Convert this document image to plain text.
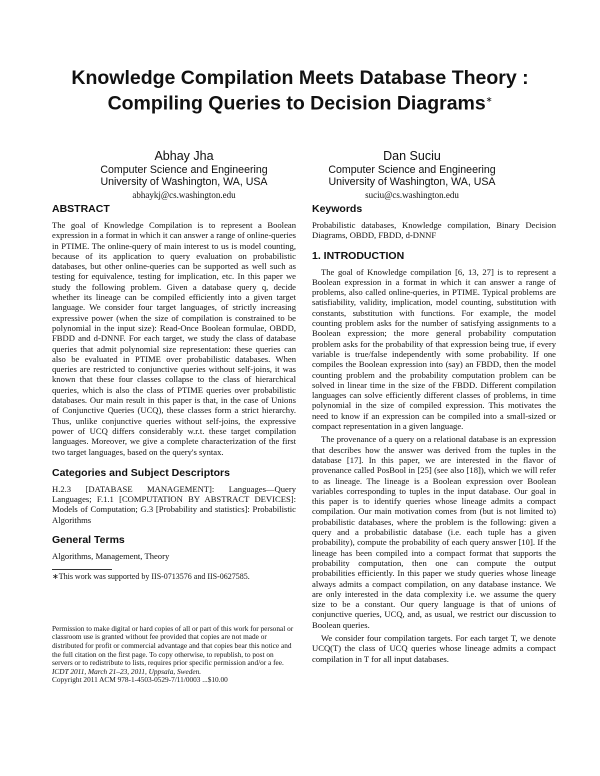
Knowledge Compilation Meets Database Theory :
Compiling Queries to Decision Diagrams∗
Abhay Jha
Computer Science and Engineering
University of Washington, WA, USA
abhaykj@cs.washington.edu
Dan Suciu
Computer Science and Engineering
University of Washington, WA, USA
suciu@cs.washington.edu
ABSTRACT

The goal of Knowledge Compilation is to represent a Boolean expression in a format in which it can answer a range of online-queries in PTIME. The online-query of main interest to us is model counting, because of its application to query evaluation on probabilistic databases, but other online-queries can be supported as well such as testing for equivalence, testing for implication, etc. In this paper we study the following problem. Given a database query q, decide whether its lineage can be compiled efficiently into a given target language. We consider four target languages, of strictly increasing expressive power (when the size of compilation is constrained to be polynomial in the input size): Read-Once Boolean formulae, OBDD, FBDD and d-DNNF. For each target, we study the class of database queries that admit polynomial size representation: these queries can also be evaluated in PTIME over probabilistic databases. When queries are restricted to conjunctive queries without self-joins, it was known that these four classes collapse to the class of hierarchical queries, which is also the class of PTIME queries over probabilistic databases. Our main result in this paper is that, in the case of Unions of Conjunctive Queries (UCQ), these classes form a strict hierarchy. Thus, unlike conjunctive queries without self-joins, the expressive power of UCQ differs considerably w.r.t. these target compilation languages. Moreover, we give a complete characterization of the first two target languages, based on the query's syntax.

Categories and Subject Descriptors

H.2.3 [DATABASE MANAGEMENT]: Languages—Query Languages; F.1.1 [COMPUTATION BY ABSTRACT DEVICES]: Models of Computation; G.3 [Probability and statistics]: Probabilistic Algorithms

General Terms

Algorithms, Management, Theory

∗This work was supported by IIS-0713576 and IIS-0627585.

Permission to make digital or hard copies of all or part of this work for personal or classroom use is granted without fee provided that copies are not made or distributed for profit or commercial advantage and that copies bear this notice and the full citation on the first page. To copy otherwise, to republish, to post on servers or to redistribute to lists, requires prior specific permission and/or a fee.

ICDT 2011, March 21–23, 2011, Uppsala, Sweden.

Copyright 2011 ACM 978-1-4503-0529-7/11/0003 ...$10.00

Keywords

Probabilistic databases, Knowledge compilation, Binary Decision Diagrams, OBDD, FBDD, d-DNNF

1. INTRODUCTION

The goal of Knowledge compilation [6, 13, 27] is to represent a Boolean expression in a format in which it can answer a range of problems, also called online-queries, in PTIME. Typical problems are satisfiability, validity, implication, model counting, substitution with constants, substitution with functions. For example, the model counting problem asks for the number of satisfying assignments to a Boolean expression; the more general probability computation problem asks for the probability of that expression being true, if every variable is true/false independently with some probability. If one compiles the Boolean expression into (say) an FBDD, then the model counting problem and the probability computation problem can be solved in linear time in the size of the FBDD. Different compilation languages can solve efficiently different classes of problems, in time polynomial in the size of compiled expression. This motivates the need to know if an expression can be compiled into a small-sized or compact representation in a given language.

The provenance of a query on a relational database is an expression that describes how the answer was derived from the tuples in the database [17]. In this paper, we are interested in the flavor of provenance called PosBool in [25] (see also [18]), which we will refer to as lineage. The lineage is a Boolean expression over Boolean variables corresponding to tuples in the input database. Our goal in this paper is to identify queries whose lineage admits a compact compilation. Our main motivation comes from (but is not limited to) probabilistic databases, where the problem is the following: given a query and a probabilistic database (i.e. each tuple has a given probability), compute the probability of each query answer [10]. If the lineage has been compiled into a compact format that supports the probability computation, then one can compute the output probabilities efficiently. In this paper we study queries whose lineage always admits a compact compilation, on any database instance. We are only interested in the data complexity i.e. we assume the query size to be a constant. Our query language is that of unions of conjunctive queries, UCQ, and, as usual, we restrict our discussion to Boolean queries.

We consider four compilation targets. For each target T, we denote UCQ(T) the class of UCQ queries whose lineage admits a compact compilation in T for all input databases.
